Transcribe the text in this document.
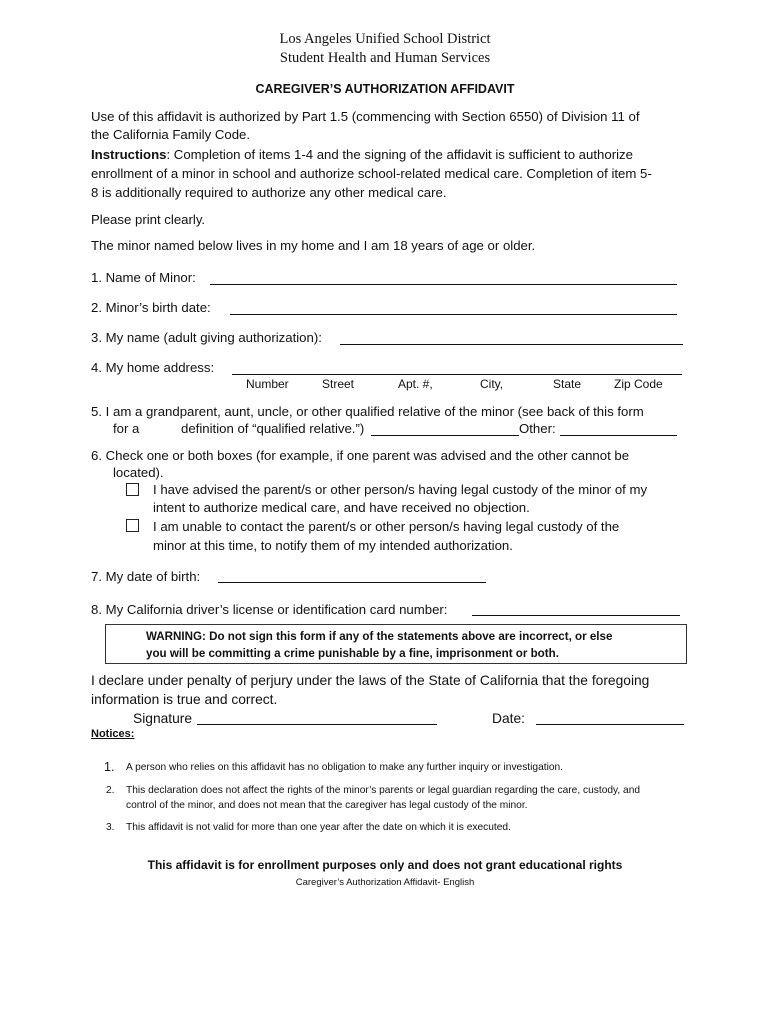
Los Angeles Unified School District
Student Health and Human Services
CAREGIVER’S AUTHORIZATION AFFIDAVIT
Use of this affidavit is authorized by Part 1.5 (commencing with Section 6550) of Division 11 of
the California Family Code.
Instructions: Completion of items 1-4 and the signing of the affidavit is sufficient to authorize
enrollment of a minor in school and authorize school-related medical care. Completion of item 5-
8 is additionally required to authorize any other medical care.
Please print clearly.
The minor named below lives in my home and I am 18 years of age or older.
1. Name of Minor:
2. Minor’s birth date:
3. My name (adult giving authorization):
4. My home address:
Number	Street	Apt. #,	City,	State	Zip Code
5. I am a grandparent, aunt, uncle, or other qualified relative of the minor (see back of this form
for a	definition of “qualified relative.”)	Other:
6. Check one or both boxes (for example, if one parent was advised and the other cannot be
located).
I have advised the parent/s or other person/s having legal custody of the minor of my
intent to authorize medical care, and have received no objection.
I am unable to contact the parent/s or other person/s having legal custody of the
minor at this time, to notify them of my intended authorization.
7. My date of birth:
8. My California driver’s license or identification card number:
WARNING: Do not sign this form if any of the statements above are incorrect, or else
you will be committing a crime punishable by a fine, imprisonment or both.
I declare under penalty of perjury under the laws of the State of California that the foregoing
information is true and correct.
Signature	Date:
Notices:
1. A person who relies on this affidavit has no obligation to make any further inquiry or investigation.
2. This declaration does not affect the rights of the minor’s parents or legal guardian regarding the care, custody, and
control of the minor, and does not mean that the caregiver has legal custody of the minor.
3. This affidavit is not valid for more than one year after the date on which it is executed.
This affidavit is for enrollment purposes only and does not grant educational rights
Caregiver’s Authorization Affidavit- English
